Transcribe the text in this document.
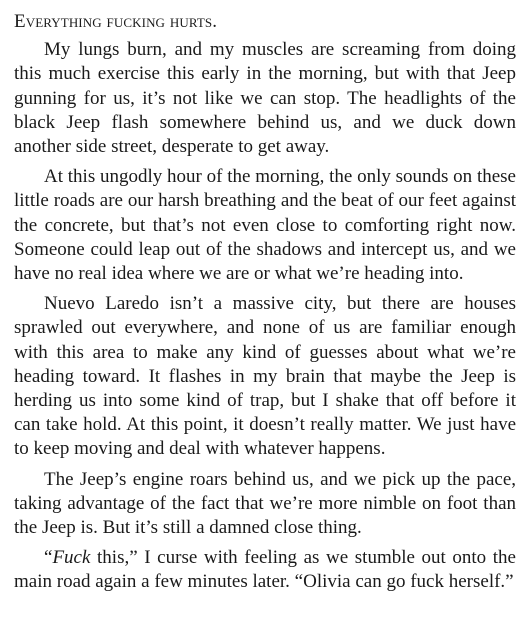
Everything fucking hurts.

My lungs burn, and my muscles are screaming from doing this much exercise this early in the morning, but with that Jeep gunning for us, it’s not like we can stop. The headlights of the black Jeep flash somewhere behind us, and we duck down another side street, desperate to get away.

At this ungodly hour of the morning, the only sounds on these little roads are our harsh breathing and the beat of our feet against the concrete, but that’s not even close to comforting right now. Someone could leap out of the shadows and intercept us, and we have no real idea where we are or what we’re heading into.

Nuevo Laredo isn’t a massive city, but there are houses sprawled out everywhere, and none of us are familiar enough with this area to make any kind of guesses about what we’re heading toward. It flashes in my brain that maybe the Jeep is herding us into some kind of trap, but I shake that off before it can take hold. At this point, it doesn’t really matter. We just have to keep moving and deal with whatever happens.

The Jeep’s engine roars behind us, and we pick up the pace, taking advantage of the fact that we’re more nimble on foot than the Jeep is. But it’s still a damned close thing.

“Fuck this,” I curse with feeling as we stumble out onto the main road again a few minutes later. “Olivia can go fuck herself.”
